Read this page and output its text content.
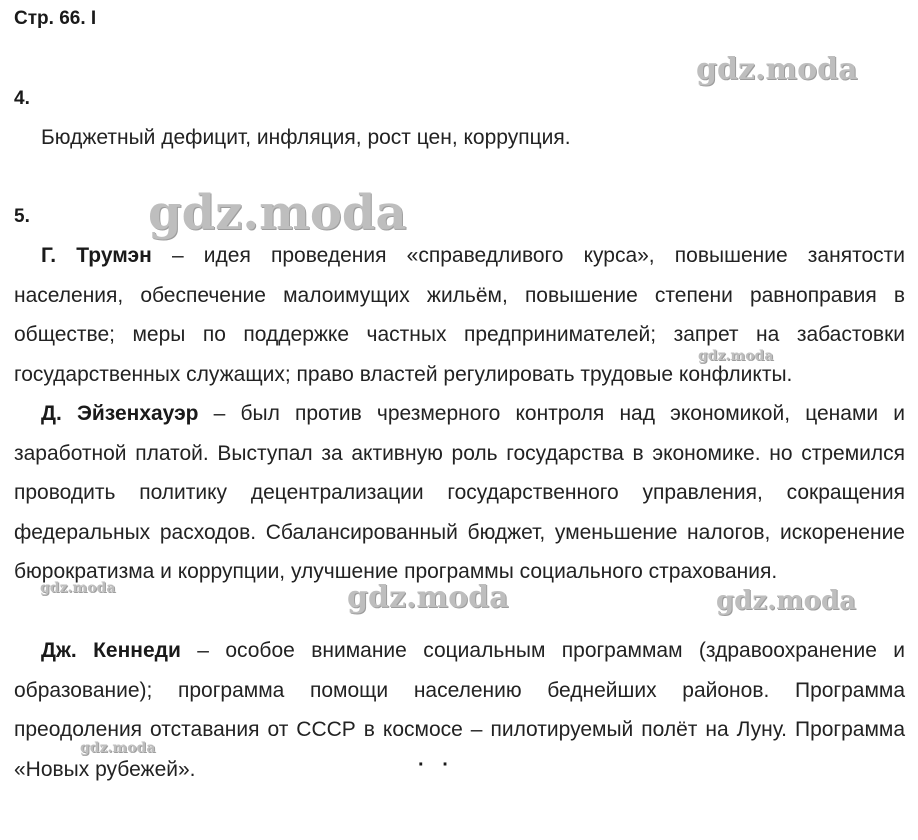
Стр. 66. І
4.
Бюджетный дефицит, инфляция, рост цен, коррупция.
5.

Г. Трумэн – идея проведения «справедливого курса», повышение занятости населения, обеспечение малоимущих жильём, повышение степени равноправия в обществе; меры по поддержке частных предпринимателей; запрет на забастовки государственных служащих; право властей регулировать трудовые конфликты.

Д. Эйзенхауэр – был против чрезмерного контроля над экономикой, ценами и заработной платой. Выступал за активную роль государства в экономике. но стремился проводить политику децентрализации государственного управления, сокращения федеральных расходов. Сбалансированный бюджет, уменьшение налогов, искоренение бюрократизма и коррупции, улучшение программы социального страхования.

Дж. Кеннеди – особое внимание социальным программам (здравоохранение и образование); программа помощи населению беднейших районов. Программа преодоления отставания от СССР в космосе – пилотируемый полёт на Луну. Программа «Новых рубежей».	· ·
gdz.moda
gdz.moda
gdz.moda
gdz.moda	gdz.moda	gdz.moda
gdz.moda
